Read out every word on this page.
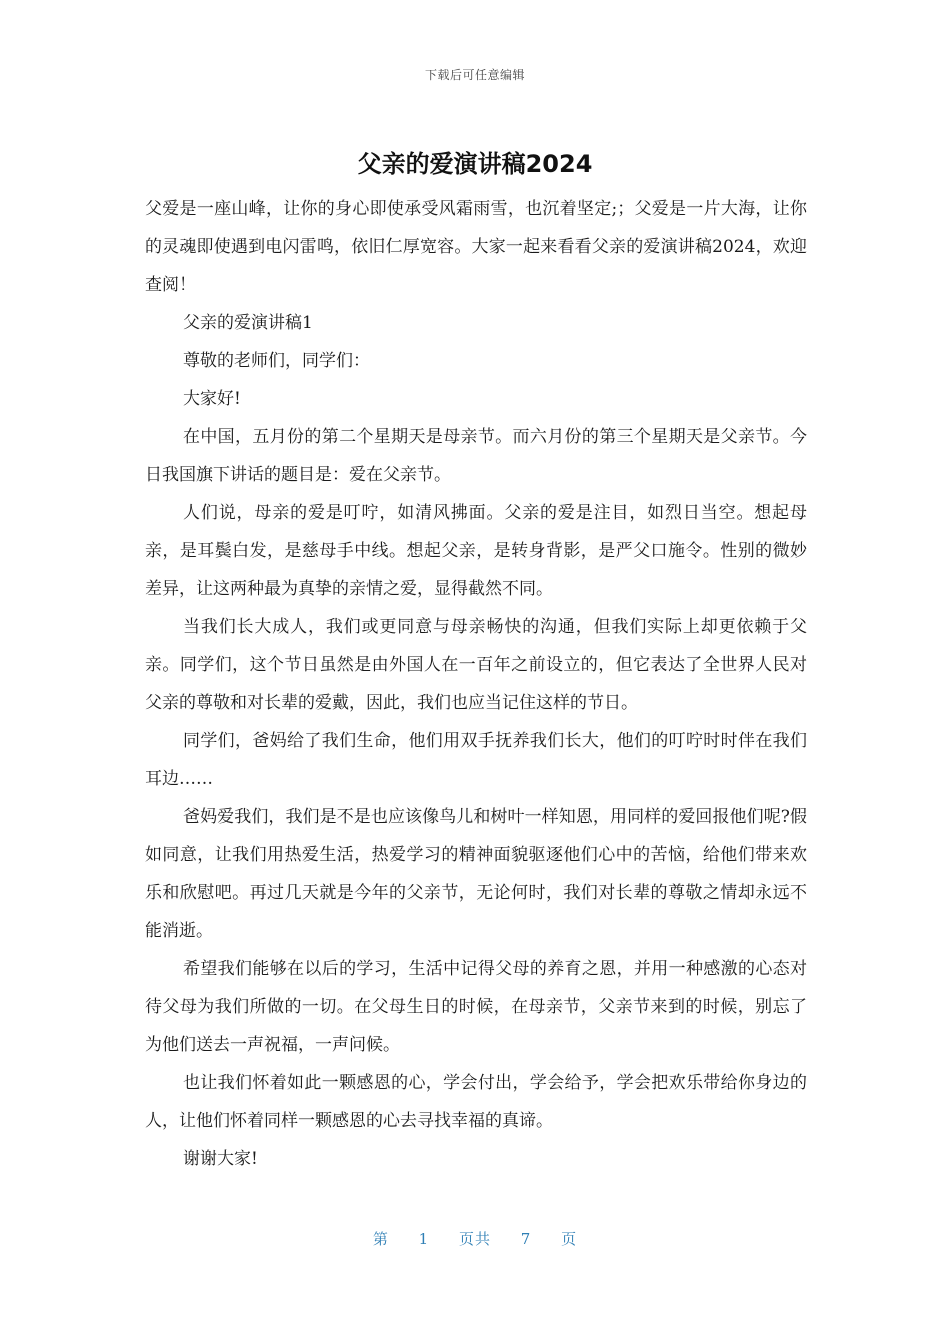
下载后可任意编辑
父亲的爱演讲稿2024

父爱是一座山峰，让你的身心即使承受风霜雨雪，也沉着坚定;；父爱是一片大海，让你的灵魂即使遇到电闪雷鸣，依旧仁厚宽容。大家一起来看看父亲的爱演讲稿2024，欢迎查阅！

父亲的爱演讲稿1

尊敬的老师们，同学们：

大家好!

在中国，五月份的第二个星期天是母亲节。而六月份的第三个星期天是父亲节。今日我国旗下讲话的题目是：爱在父亲节。

人们说，母亲的爱是叮咛，如清风拂面。父亲的爱是注目，如烈日当空。想起母亲，是耳鬓白发，是慈母手中线。想起父亲，是转身背影，是严父口施令。性别的微妙差异，让这两种最为真挚的亲情之爱，显得截然不同。

当我们长大成人，我们或更同意与母亲畅快的沟通，但我们实际上却更依赖于父亲。同学们，这个节日虽然是由外国人在一百年之前设立的，但它表达了全世界人民对父亲的尊敬和对长辈的爱戴，因此，我们也应当记住这样的节日。

同学们，爸妈给了我们生命，他们用双手抚养我们长大，他们的叮咛时时伴在我们耳边……

爸妈爱我们，我们是不是也应该像鸟儿和树叶一样知恩，用同样的爱回报他们呢?假如同意，让我们用热爱生活，热爱学习的精神面貌驱逐他们心中的苦恼，给他们带来欢乐和欣慰吧。再过几天就是今年的父亲节，无论何时，我们对长辈的尊敬之情却永远不能消逝。

希望我们能够在以后的学习，生活中记得父母的养育之恩，并用一种感激的心态对待父母为我们所做的一切。在父母生日的时候，在母亲节，父亲节来到的时候，别忘了为他们送去一声祝福，一声问候。

也让我们怀着如此一颗感恩的心，学会付出，学会给予，学会把欢乐带给你身边的人，让他们怀着同样一颗感恩的心去寻找幸福的真谛。

谢谢大家!

第 1 页共 7 页
